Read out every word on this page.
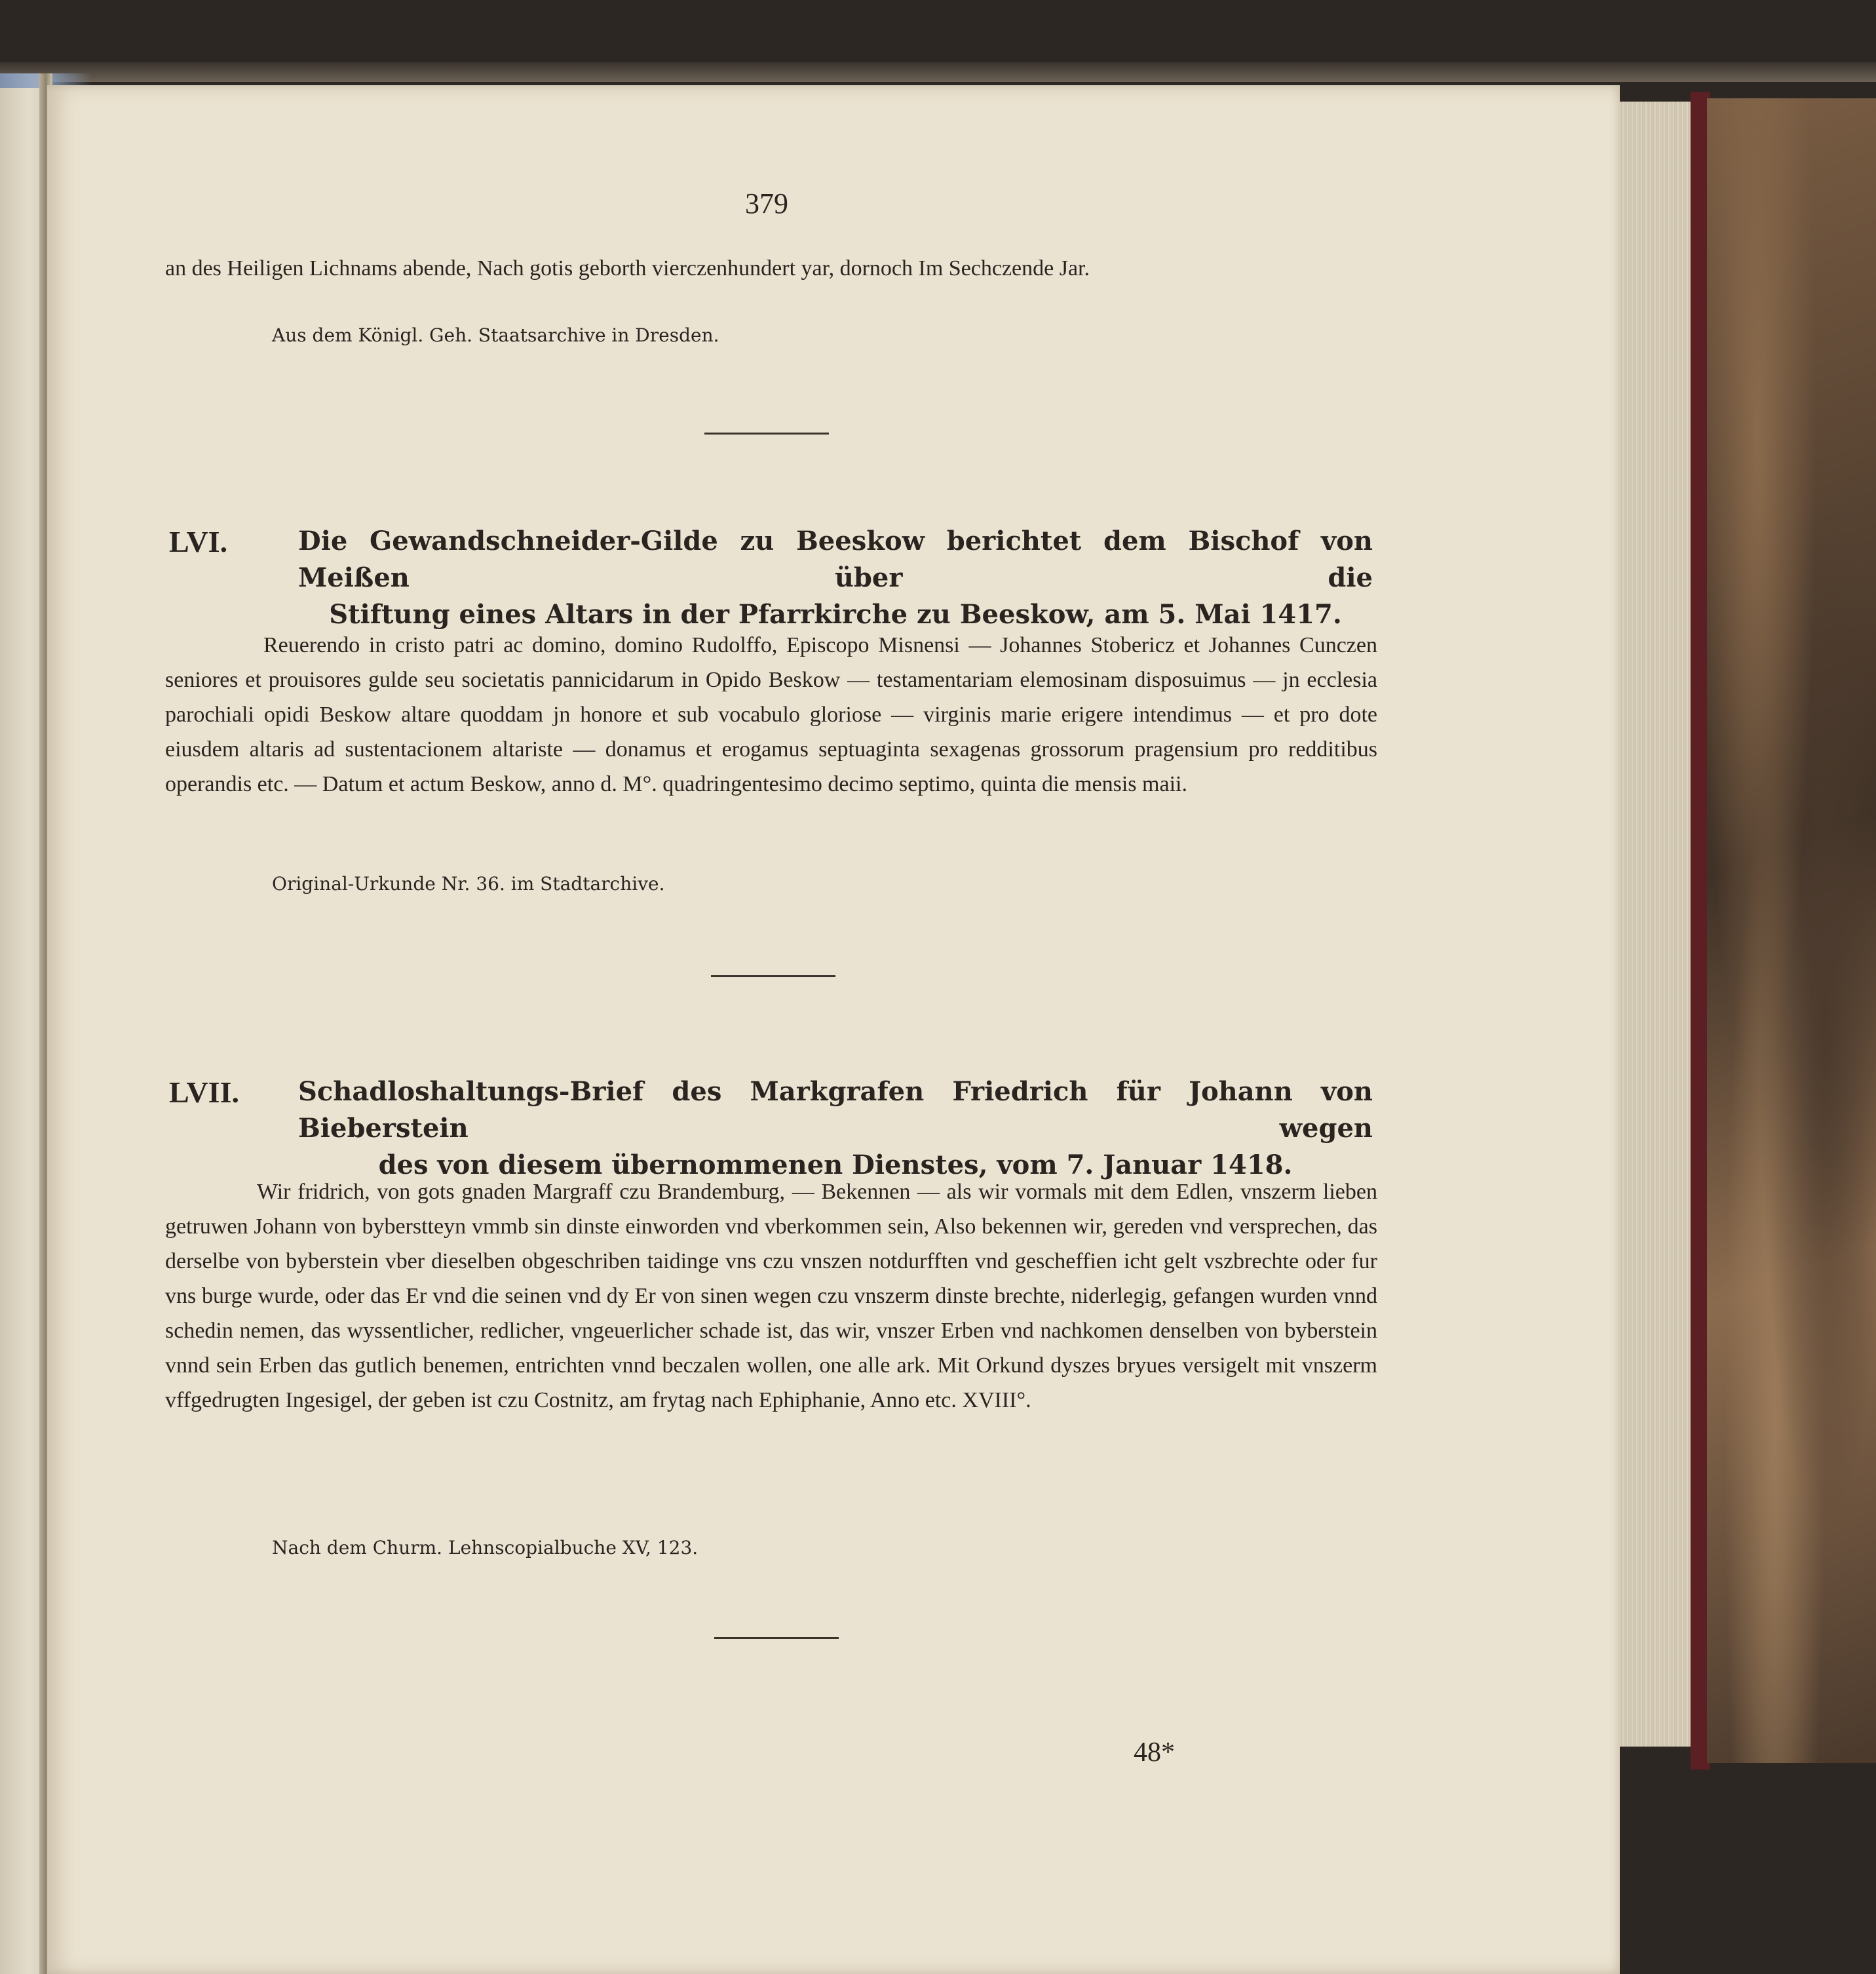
379
an des Heiligen Lichnams abende, Nach gotis geborth vierczenhundert yar, dornoch Im Sechczende Jar.
Aus dem Königl. Geh. Staatsarchive in Dresden.
LVI.	Die Gewandschneider-Gilde zu Beeskow berichtet dem Bischof von Meißen über die
Stiftung eines Altars in der Pfarrkirche zu Beeskow, am 5. Mai 1417.
Reuerendo in cristo patri ac domino, domino Rudolffo, Episcopo Misnensi — Johannes Stobericz et Johannes Cunczen seniores et prouisores gulde seu societatis pannicidarum in Opido Beskow — testamentariam elemosinam disposuimus — jn ecclesia parochiali opidi Beskow altare quoddam jn honore et sub vocabulo gloriose — virginis marie erigere intendimus — et pro dote eiusdem altaris ad sustentacionem altariste — donamus et erogamus septuaginta sexagenas grossorum pragensium pro redditibus operandis etc. — Datum et actum Beskow, anno d. M°. quadringentesimo decimo septimo, quinta die mensis maii.
Original-Urkunde Nr. 36. im Stadtarchive.
LVII. Schadloshaltungs-Brief des Markgrafen Friedrich für Johann von Bieberstein wegen
des von diesem übernommenen Dienstes, vom 7. Januar 1418.
Wir fridrich, von gots gnaden Margraff czu Brandemburg, — Bekennen — als wir vormals mit dem Edlen, vnszerm lieben getruwen Johann von byberstteyn vmmb sin dinste einworden vnd vberkommen sein, Also bekennen wir, gereden vnd versprechen, das derselbe von byberstein vber dieselben obgeschriben taidinge vns czu vnszen notdurfften vnd gescheffien icht gelt vszbrechte oder fur vns burge wurde, oder das Er vnd die seinen vnd dy Er von sinen wegen czu vnszerm dinste brechte, niderlegig, gefangen wurden vnnd schedin nemen, das wyssentlicher, redlicher, vngeuerlicher schade ist, das wir, vnszer Erben vnd nachkomen denselben von byberstein vnnd sein Erben das gutlich benemen, entrichten vnnd beczalen wollen, one alle ark. Mit Orkund dyszes bryues versigelt mit vnszerm vffgedrugten Ingesigel, der geben ist czu Costnitz, am frytag nach Ephiphanie, Anno etc. XVIII°.
Nach dem Churm. Lehnscopialbuche XV, 123.
48*
